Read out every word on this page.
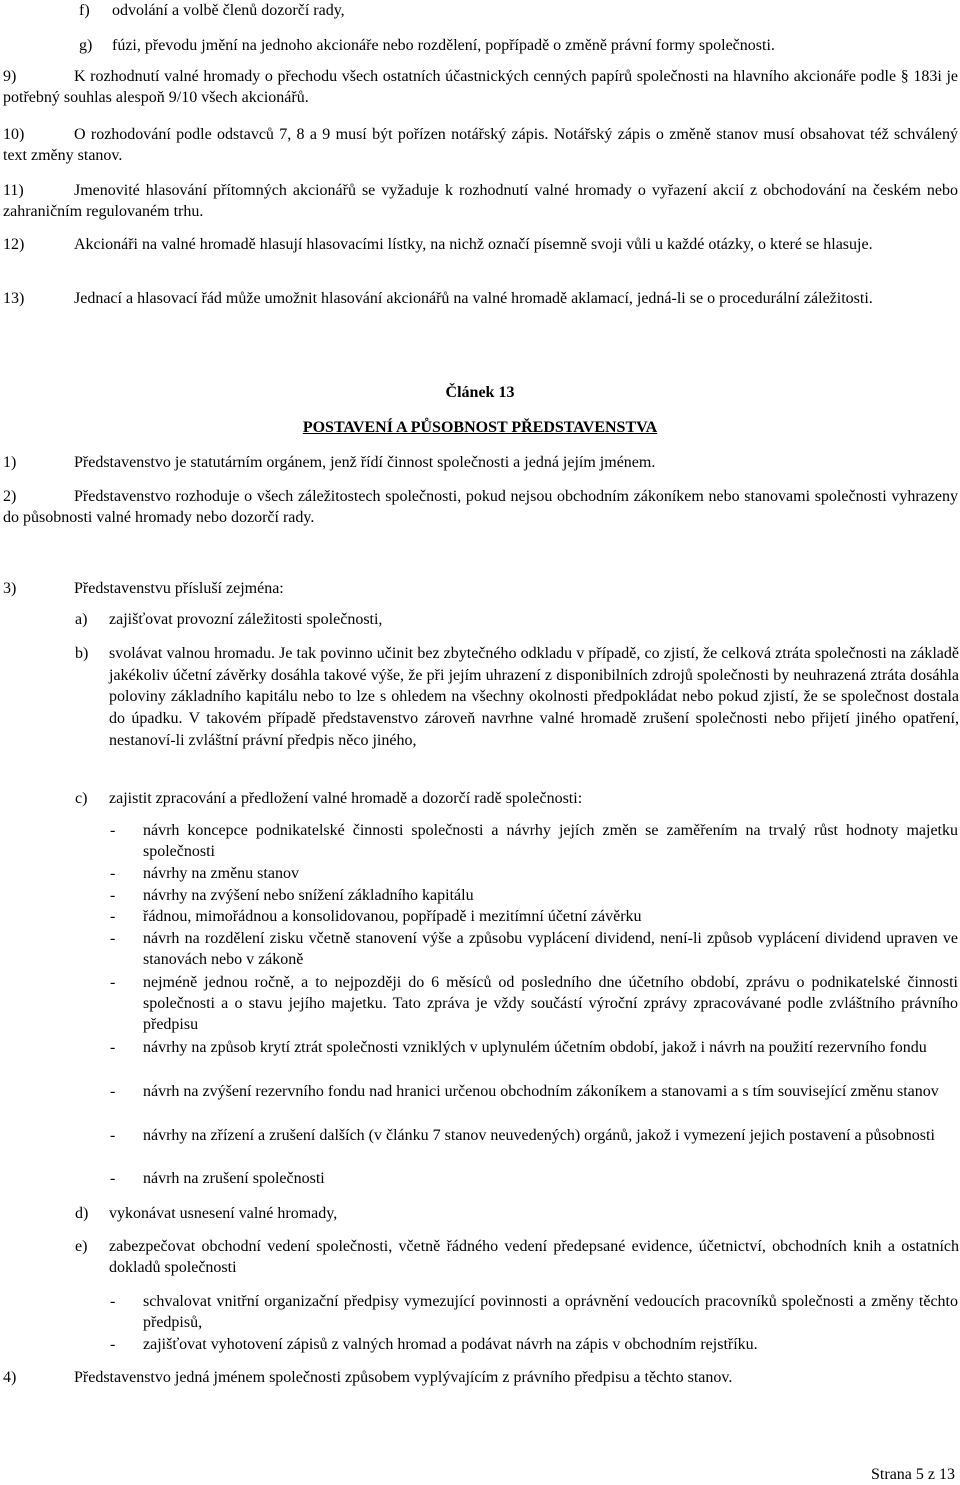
f) odvolání a volbě členů dozorčí rady,
g) fúzi, převodu jmění na jednoho akcionáře nebo rozdělení, popřípadě o změně právní formy společnosti.

9)	K rozhodnutí valné hromady o přechodu všech ostatních účastnických cenných papírů společnosti na hlavního akcionáře podle § 183i je potřebný souhlas alespoň 9/10 všech akcionářů.

10)	O rozhodování podle odstavců 7, 8 a 9 musí být pořízen notářský zápis. Notářský zápis o změně stanov musí obsahovat též schválený text změny stanov.

11)	Jmenovité hlasování přítomných akcionářů se vyžaduje k rozhodnutí valné hromady o vyřazení akcií z obchodování na českém nebo zahraničním regulovaném trhu.

12)	Akcionáři na valné hromadě hlasují hlasovacími lístky, na nichž označí písemně svoji vůli u každé otázky, o které se hlasuje.

13)	Jednací a hlasovací řád může umožnit hlasování akcionářů na valné hromadě aklamací, jedná-li se o procedurální záležitosti.

Článek 13

POSTAVENÍ A PŮSOBNOST PŘEDSTAVENSTVA

1)	Představenstvo je statutárním orgánem, jenž řídí činnost společnosti a jedná jejím jménem.

2)	Představenstvo rozhoduje o všech záležitostech společnosti, pokud nejsou obchodním zákoníkem nebo stanovami společnosti vyhrazeny do působnosti valné hromady nebo dozorčí rady.

3)	Představenstvu přísluší zejména:

a) zajišťovat provozní záležitosti společnosti,
b) svolávat valnou hromadu. Je tak povinno učinit bez zbytečného odkladu v případě, co zjistí, že celková ztráta společnosti na základě jakékoliv účetní závěrky dosáhla takové výše, že při jejím uhrazení z disponibilních zdrojů společnosti by neuhrazená ztráta dosáhla poloviny základního kapitálu nebo to lze s ohledem na všechny okolnosti předpokládat nebo pokud zjistí, že se společnost dostala do úpadku. V takovém případě představenstvo zároveň navrhne valné hromadě zrušení společnosti nebo přijetí jiného opatření, nestanoví-li zvláštní právní předpis něco jiného,
c) zajistit zpracování a předložení valné hromadě a dozorčí radě společnosti:
- návrh koncepce podnikatelské činnosti společnosti a návrhy jejích změn se zaměřením na trvalý růst hodnoty majetku společnosti
- návrhy na změnu stanov
- návrhy na zvýšení nebo snížení základního kapitálu
- řádnou, mimořádnou a konsolidovanou, popřípadě i mezitímní účetní závěrku
- návrh na rozdělení zisku včetně stanovení výše a způsobu vyplácení dividend, není-li způsob vyplácení dividend upraven ve stanovách nebo v zákoně
- nejméně jednou ročně, a to nejpozději do 6 měsíců od posledního dne účetního období, zprávu o podnikatelské činnosti společnosti a o stavu jejího majetku. Tato zpráva je vždy součástí výroční zprávy zpracovávané podle zvláštního právního předpisu
- návrhy na způsob krytí ztrát společnosti vzniklých v uplynulém účetním období, jakož i návrh na použití rezervního fondu
- návrh na zvýšení rezervního fondu nad hranici určenou obchodním zákoníkem a stanovami a s tím související změnu stanov
- návrhy na zřízení a zrušení dalších (v článku 7 stanov neuvedených) orgánů, jakož i vymezení jejich postavení a působnosti
- návrh na zrušení společnosti
d) vykonávat usnesení valné hromady,
e) zabezpečovat obchodní vedení společnosti, včetně řádného vedení předepsané evidence, účetnictví, obchodních knih a ostatních dokladů společnosti
- schvalovat vnitřní organizační předpisy vymezující povinnosti a oprávnění vedoucích pracovníků společnosti a změny těchto předpisů,
- zajišťovat vyhotovení zápisů z valných hromad a podávat návrh na zápis v obchodním rejstříku.

4)	Představenstvo jedná jménem společnosti způsobem vyplývajícím z právního předpisu a těchto stanov.

Strana 5 z 13
